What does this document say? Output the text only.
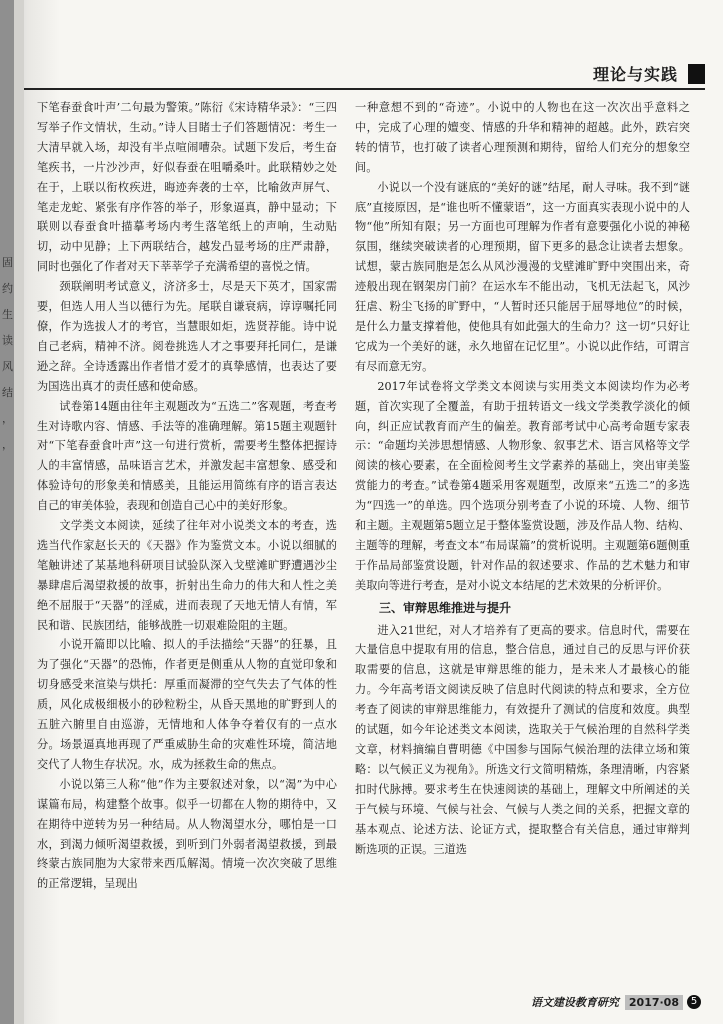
固
约
生
读
风
结
，
，
理论与实践

下笔春蚕食叶声’二句最为警策。”陈衍《宋诗精华录》：“三四写举子作文情状，生动。”诗人目睹士子们答题情况：考生一大清早就入场，却没有半点喧闹嘈杂。试题下发后，考生奋笔疾书，一片沙沙声，好似春蚕在咀嚼桑叶。此联精妙之处在于，上联以衔枚疾进，晦迹奔袭的士卒，比喻敛声屏气、笔走龙蛇、紧张有序作答的举子，形象逼真，静中显动；下联则以春蚕食叶描摹考场内考生落笔纸上的声响，生动贴切，动中见静；上下两联结合，越发凸显考场的庄严肃静，同时也强化了作者对天下莘莘学子充满希望的喜悦之情。

颈联阐明考试意义，济济多士，尽是天下英才，国家需要，但选人用人当以德行为先。尾联自谦衰病，谆谆嘱托同僚，作为选拔人才的考官，当慧眼如炬，选贤荐能。诗中说自己老病，精神不济。阅卷挑选人才之事要拜托同仁，是谦逊之辞。全诗透露出作者惜才爱才的真挚感情，也表达了要为国选出真才的责任感和使命感。

试卷第14题由往年主观题改为“五选二”客观题，考查考生对诗歌内容、情感、手法等的准确理解。第15题主观题针对“下笔春蚕食叶声”这一句进行赏析，需要考生整体把握诗人的丰富情感，品味语言艺术，并激发起丰富想象、感受和体验诗句的形象美和情感美，且能运用简练有序的语言表达自己的审美体验，表现和创造自己心中的美好形象。

文学类文本阅读，延续了往年对小说类文本的考查，选选当代作家赵长天的《天器》作为鉴赏文本。小说以细腻的笔触讲述了某基地科研项目试验队深入戈壁滩旷野遭遇沙尘暴肆虐后渴望救援的故事，折射出生命力的伟大和人性之美绝不屈服于“天器”的淫威，进而表现了天地无情人有情，军民和谐、民族团结，能够战胜一切艰难险阻的主题。

小说开篇即以比喻、拟人的手法描绘“天器”的狂暴，且为了强化“天器”的恐怖，作者更是侧重从人物的直觉印象和切身感受来渲染与烘托：厚重而凝滞的空气失去了气体的性质，风化成极细极小的砂粒粉尘，从昏天黑地的旷野到人的五脏六腑里自由巡游，无情地和人体争夺着仅有的一点水分。场景逼真地再现了严重威胁生命的灾难性环境，简洁地交代了人物生存状况。水，成为拯救生命的焦点。

小说以第三人称“他”作为主要叙述对象，以“渴”为中心谋篇布局，构建整个故事。似乎一切都在人物的期待中，又在期待中逆转为另一种结局。从人物渴望水分，哪怕是一口水，到渴力倾听渴望救援，到听到门外弱者渴望救援，到最终蒙古族同胞为大家带来西瓜解渴。情境一次次突破了思维的正常逻辑，呈现出

一种意想不到的“奇迹”。小说中的人物也在这一次次出乎意料之中，完成了心理的嬗变、情感的升华和精神的超越。此外，跌宕突转的情节，也打破了读者心理预测和期待，留给人们充分的想象空间。

小说以一个没有谜底的“美好的谜”结尾，耐人寻味。我不到“谜底”直接原因，是“谁也听不懂蒙语”，这一方面真实表现小说中的人物“他”所知有限；另一方面也可理解为作者有意要强化小说的神秘氛围，继续突破读者的心理预期，留下更多的悬念让读者去想象。试想，蒙古族同胞是怎么从风沙漫漫的戈壁滩旷野中突围出来，奇迹般出现在钢架房门前？在运水车不能出动，飞机无法起飞，风沙狂虐、粉尘飞扬的旷野中，“人暂时还只能居于屈辱地位”的时候，是什么力量支撑着他，使他具有如此强大的生命力？这一切“只好让它成为一个美好的谜，永久地留在记忆里”。小说以此作结，可谓言有尽而意无穷。

2017年试卷将文学类文本阅读与实用类文本阅读均作为必考题，首次实现了全覆盖，有助于扭转语文一线文学类教学淡化的倾向，纠正应试教育而产生的偏差。教育部考试中心高考命题专家表示：“命题均关涉思想情感、人物形象、叙事艺术、语言风格等文学阅读的核心要素，在全面检阅考生文学素养的基础上，突出审美鉴赏能力的考查。”试卷第4题采用客观题型，改原来“五选二”的多选为“四选一”的单选。四个选项分别考查了小说的环境、人物、细节和主题。主观题第5题立足于整体鉴赏设题，涉及作品人物、结构、主题等的理解，考查文本“布局谋篇”的赏析说明。主观题第6题侧重于作品局部鉴赏设题，针对作品的叙述要求、作品的艺术魅力和审美取向等进行考查，是对小说文本结尾的艺术效果的分析评价。

三、审辩思维推进与提升

进入21世纪，对人才培养有了更高的要求。信息时代，需要在大量信息中提取有用的信息，整合信息，通过自己的反思与评价获取需要的信息，这就是审辩思维的能力，是未来人才最核心的能力。今年高考语文阅读反映了信息时代阅读的特点和要求，全方位考查了阅读的审辩思维能力，有效提升了测试的信度和效度。典型的试题，如今年论述类文本阅读，选取关于气候治理的自然科学类文章，材料摘编自曹明德《中国参与国际气候治理的法律立场和策略：以气候正义为视角》。所选文行文简明精炼，条理清晰，内容紧扣时代脉搏。要求考生在快速阅读的基础上，理解文中所阐述的关于气候与环境、气候与社会、气候与人类之间的关系，把握文章的基本观点、论述方法、论证方式，提取整合有关信息，通过审辩判断选项的正误。三道选

语文建设教育研究 2017·08	5
